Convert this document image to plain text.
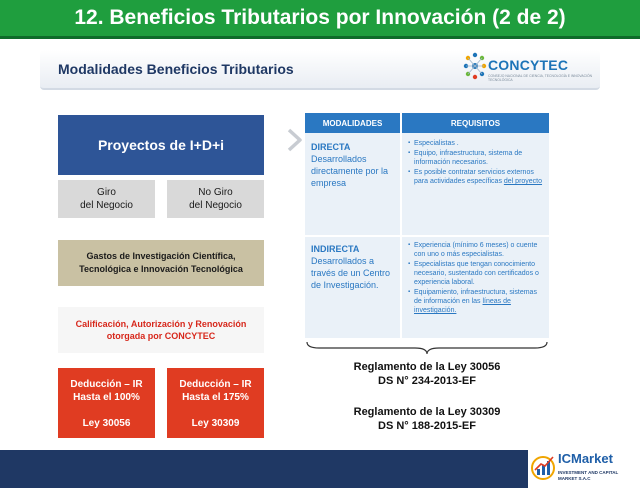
12. Beneficios Tributarios por Innovación (2 de 2)
Modalidades Beneficios Tributarios	CONCYTEC
CONSEJO NACIONAL DE CIENCIA, TECNOLOGÍA E INNOVACIÓN TECNOLÓGICA
Proyectos de I+D+i
Giro
del Negocio
No Giro
del Negocio
Gastos de Investigación Científica,
Tecnológica e Innovación Tecnológica
Calificación, Autorización y Renovación
otorgada por CONCYTEC
Deducción – IR
Hasta el 100%
Ley 30056
Deducción – IR
Hasta el 175%
Ley 30309
MODALIDADES	REQUISITOS
DIRECTA
Desarrollados directamente por la empresa
▪ Especialistas .
▪ Equipo, infraestructura, sistema de información necesarios.
▪ Es posible contratar servicios externos para actividades específicas del proyecto
INDIRECTA
Desarrollados a través de un Centro de Investigación.
▪ Experiencia (mínimo 6 meses) o cuente con uno o más especialistas.
▪ Especialistas que tengan conocimiento necesario, sustentado con certificados o experiencia laboral.
▪ Equipamiento, infraestructura, sistemas de información en las líneas de investigación.
Reglamento de la Ley 30056
DS N° 234-2013-EF
Reglamento de la Ley 30309
DS N° 188-2015-EF
ICMarket
INVESTMENT AND CAPITAL MARKET S.A.C
